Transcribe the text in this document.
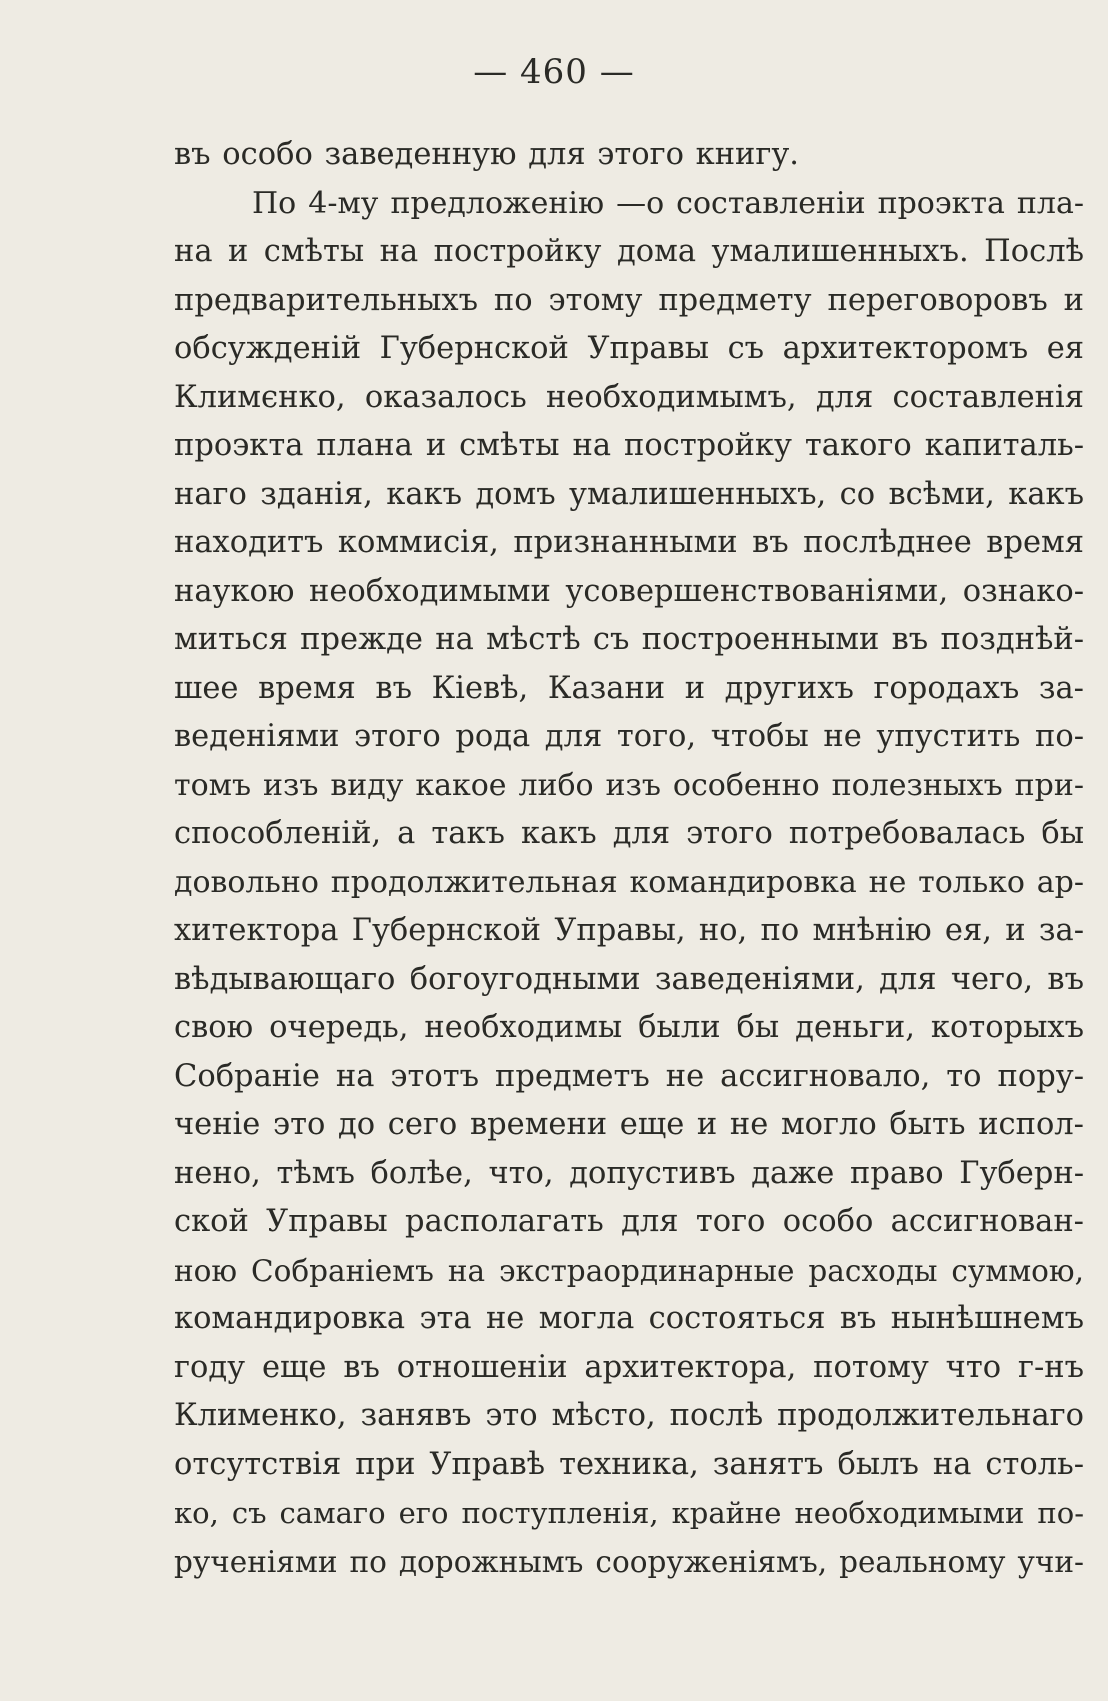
— 460 —
въ особо заведенную для этого книгу.
По 4-му предложенію —о составленіи проэкта пла-
на и смѣты на постройку дома умалишенныхъ. Послѣ
предварительныхъ по этому предмету переговоровъ и
обсужденій Губернской Управы съ архитекторомъ ея
Климєнко, оказалось необходимымъ, для составленія
проэкта плана и смѣты на постройку такого капиталь-
наго зданія, какъ домъ умалишенныхъ, со всѣми, какъ
находитъ коммисія, признанными въ послѣднее время
наукою необходимыми усовершенствованіями, ознако-
миться прежде на мѣстѣ съ построенными въ позднѣй-
шее время въ Кіевѣ, Казани и другихъ городахъ за-
веденіями этого рода для того, чтобы не упустить по-
томъ изъ виду какое либо изъ особенно полезныхъ при-
способленій, а такъ какъ для этого потребовалась бы
довольно продолжительная командировка не только ар-
хитектора Губернской Управы, но, по мнѣнію ея, и за-
вѣдывающаго богоугодными заведеніями, для чего, въ
свою очередь, необходимы были бы деньги, которыхъ
Собраніе на этотъ предметъ не ассигновало, то пору-
ченіе это до сего времени еще и не могло быть испол-
нено, тѣмъ болѣе, что, допустивъ даже право Губерн-
ской Управы располагать для того особо ассигнован-
ною Собраніемъ на экстраординарные расходы суммою,
командировка эта не могла состояться въ нынѣшнемъ
году еще въ отношеніи архитектора, потому что г-нъ
Клименко, занявъ это мѣсто, послѣ продолжительнаго
отсутствія при Управѣ техника, занятъ былъ на столь-
ко, съ самаго его поступленія, крайне необходимыми по-
рученіями по дорожнымъ сооруженіямъ, реальному учи-
